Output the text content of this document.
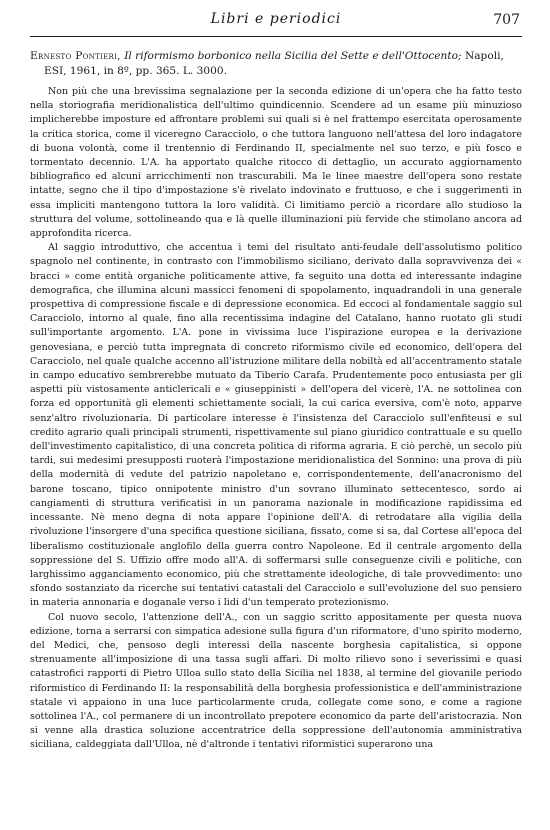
Libri e periodici	707
Ernesto Pontieri, Il riformismo borbonico nella Sicilia del Sette e dell'Ottocento; Napoli,
ESI, 1961, in 8º, pp. 365. L. 3000.

Non più che una brevissima segnalazione per la seconda edizione di un'opera che ha fatto testo nella storiografia meridionalistica dell'ultimo quindicennio. Scendere ad un esame più minuzioso implicherebbe imposture ed affrontare problemi sui quali si è nel frattempo esercitata operosamente la critica storica, come il viceregno Caracciolo, o che tuttora languono nell'attesa del loro indagatore di buona volontà, come il trentennio di Ferdinando II, specialmente nel suo terzo, e più fosco e tormentato decennio. L'A. ha apportato qualche ritocco di dettaglio, un accurato aggiornamento bibliografico ed alcuni arricchimenti non trascurabili. Ma le linee maestre dell'opera sono restate intatte, segno che il tipo d'impostazione s'è rivelato indovinato e fruttuoso, e che i suggerimenti in essa impliciti mantengono tuttora la loro validità. Ci limitiamo perciò a ricordare allo studioso la struttura del volume, sottolineando qua e là quelle illuminazioni più fervide che stimolano ancora ad approfondita ricerca.

Al saggio introduttivo, che accentua i temi del risultato anti-feudale dell'assolutismo politico spagnolo nel continente, in contrasto con l'immobilismo siciliano, derivato dalla sopravvivenza dei « bracci » come entità organiche politicamente attive, fa seguito una dotta ed interessante indagine demografica, che illumina alcuni massicci fenomeni di spopolamento, inquadrandoli in una generale prospettiva di compressione fiscale e di depressione economica. Ed eccoci al fondamentale saggio sul Caracciolo, intorno al quale, fino alla recentissima indagine del Catalano, hanno ruotato gli studi sull'importante argomento. L'A. pone in vivissima luce l'ispirazione europea e la derivazione genovesiana, e perciò tutta impregnata di concreto riformismo civile ed economico, dell'opera del Caracciolo, nel quale qualche accenno all'istruzione militare della nobiltà ed all'accentramento statale in campo educativo sembrerebbe mutuato da Tiberio Carafa. Prudentemente poco entusiasta per gli aspetti più vistosamente anticlericali e « giuseppinisti » dell'opera del vicerè, l'A. ne sottolinea con forza ed opportunità gli elementi schiettamente sociali, la cui carica eversiva, com'è noto, apparve senz'altro rivoluzionaria. Di particolare interesse è l'insistenza del Caracciolo sull'enfiteusi e sul credito agrario quali principali strumenti, rispettivamente sul piano giuridico contrattuale e su quello dell'investimento capitalistico, di una concreta politica di riforma agraria. E ciò perchè, un secolo più tardi, sui medesimi presupposti ruoterà l'impostazione meridionalistica del Sonnino: una prova di più della modernità di vedute del patrizio napoletano e, corrispondentemente, dell'anacronismo del barone toscano, tipico onnipotente ministro d'un sovrano illuminato settecentesco, sordo ai cangiamenti di struttura verificatisi in un panorama nazionale in modificazione rapidissima ed incessante. Nè meno degna di nota appare l'opinione dell'A. di retrodatare alla vigilia della rivoluzione l'insorgere d'una specifica questione siciliana, fissato, come si sa, dal Cortese all'epoca del liberalismo costituzionale anglofilo della guerra contro Napoleone. Ed il centrale argomento della soppressione del S. Uffizio offre modo all'A. di soffermarsi sulle conseguenze civili e politiche, con larghissimo agganciamento economico, più che strettamente ideologiche, di tale provvedimento: uno sfondo sostanziato da ricerche sui tentativi catastali del Caracciolo e sull'evoluzione del suo pensiero in materia annonaria e doganale verso i lidi d'un temperato protezionismo.

Col nuovo secolo, l'attenzione dell'A., con un saggio scritto appositamente per questa nuova edizione, torna a serrarsi con simpatica adesione sulla figura d'un riformatore, d'uno spirito moderno, del Medici, che, pensoso degli interessi della nascente borghesia capitalistica, si oppone strenuamente all'imposizione di una tassa sugli affari. Di molto rilievo sono i severissimi e quasi catastrofici rapporti di Pietro Ulloa sullo stato della Sicilia nel 1838, al termine del giovanile periodo riformistico di Ferdinando II: la responsabilità della borghesia professionistica e dell'amministrazione statale vi appaiono in una luce particolarmente cruda, collegate come sono, e come a ragione sottolinea l'A., col permanere di un incontrollato prepotere economico da parte dell'aristocrazia. Non si venne alla drastica soluzione accentratrice della soppressione dell'autonomia amministrativa siciliana, caldeggiata dall'Ulloa, nè d'altronde i tentativi riformistici superarono una
